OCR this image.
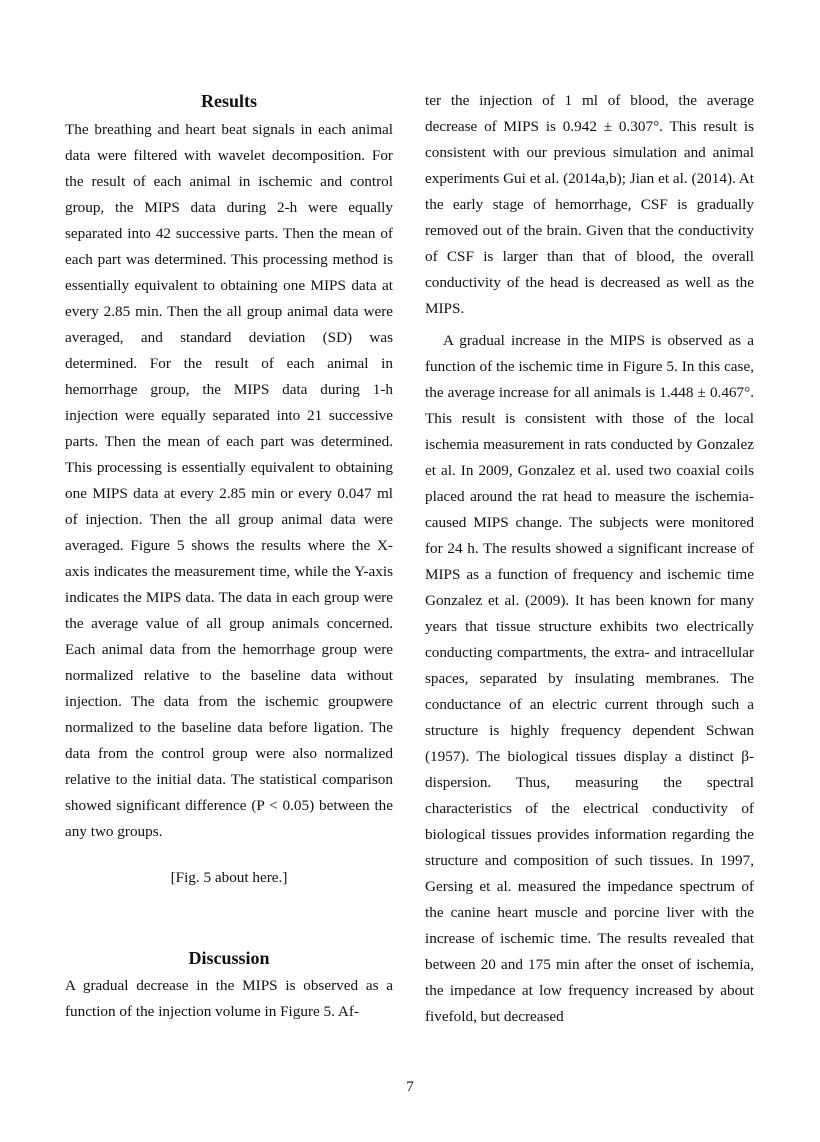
Results

The breathing and heart beat signals in each animal data were filtered with wavelet decomposition. For the result of each animal in ischemic and control group, the MIPS data during 2-h were equally separated into 42 successive parts. Then the mean of each part was determined. This processing method is essentially equivalent to obtaining one MIPS data at every 2.85 min. Then the all group animal data were averaged, and standard deviation (SD) was determined. For the result of each animal in hemorrhage group, the MIPS data during 1-h injection were equally separated into 21 successive parts. Then the mean of each part was determined. This processing is essentially equivalent to obtaining one MIPS data at every 2.85 min or every 0.047 ml of injection. Then the all group animal data were averaged. Figure 5 shows the results where the X-axis indicates the measurement time, while the Y-axis indicates the MIPS data. The data in each group were the average value of all group animals concerned. Each animal data from the hemorrhage group were normalized relative to the baseline data without injection. The data from the ischemic groupwere normalized to the baseline data before ligation. The data from the control group were also normalized relative to the initial data. The statistical comparison showed significant difference (P < 0.05) between the any two groups.

[Fig. 5 about here.]

Discussion

A gradual decrease in the MIPS is observed as a function of the injection volume in Figure 5. Af-

ter the injection of 1 ml of blood, the average decrease of MIPS is 0.942 ± 0.307°. This result is consistent with our previous simulation and animal experiments Gui et al. (2014a,b); Jian et al. (2014). At the early stage of hemorrhage, CSF is gradually removed out of the brain. Given that the conductivity of CSF is larger than that of blood, the overall conductivity of the head is decreased as well as the MIPS.

A gradual increase in the MIPS is observed as a function of the ischemic time in Figure 5. In this case, the average increase for all animals is 1.448 ± 0.467°. This result is consistent with those of the local ischemia measurement in rats conducted by Gonzalez et al. In 2009, Gonzalez et al. used two coaxial coils placed around the rat head to measure the ischemia-caused MIPS change. The subjects were monitored for 24 h. The results showed a significant increase of MIPS as a function of frequency and ischemic time Gonzalez et al. (2009). It has been known for many years that tissue structure exhibits two electrically conducting compartments, the extra- and intracellular spaces, separated by insulating membranes. The conductance of an electric current through such a structure is highly frequency dependent Schwan (1957). The biological tissues display a distinct β-dispersion. Thus, measuring the spectral characteristics of the electrical conductivity of biological tissues provides information regarding the structure and composition of such tissues. In 1997, Gersing et al. measured the impedance spectrum of the canine heart muscle and porcine liver with the increase of ischemic time. The results revealed that between 20 and 175 min after the onset of ischemia, the impedance at low frequency increased by about fivefold, but decreased

7
